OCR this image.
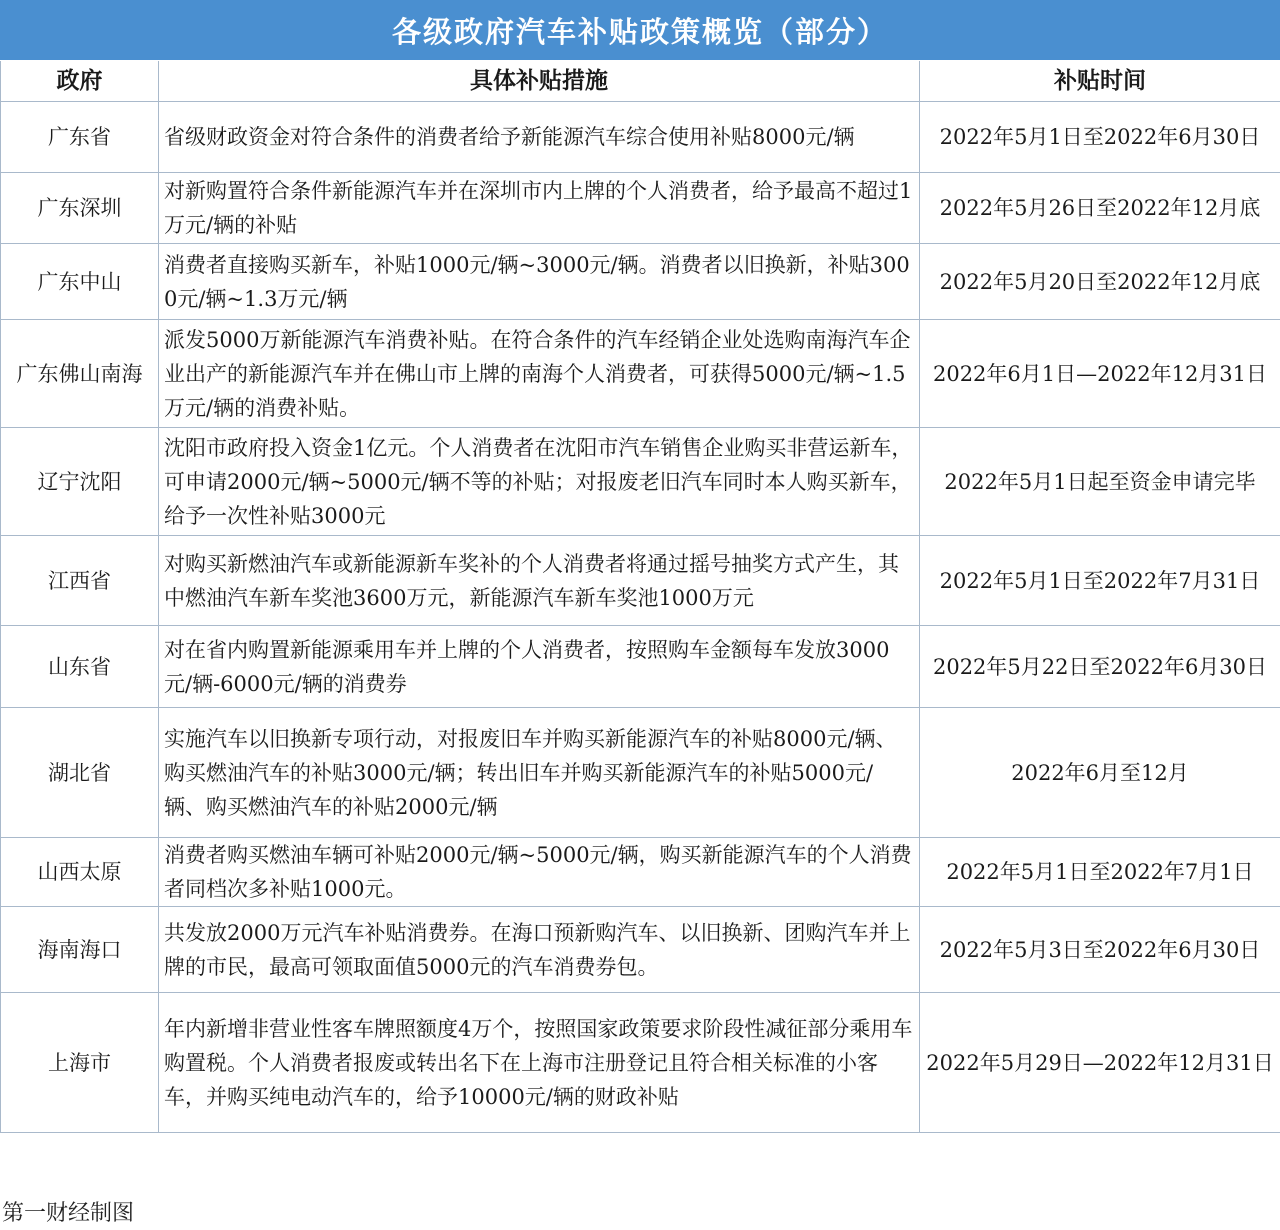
各级政府汽车补贴政策概览（部分）
政府	具体补贴措施	补贴时间
广东省	省级财政资金对符合条件的消费者给予新能源汽车综合使用补贴8000元/辆	2022年5月1日至2022年6月30日
广东深圳	对新购置符合条件新能源汽车并在深圳市内上牌的个人消费者，给予最高不超过1万元/辆的补贴	2022年5月26日至2022年12月底
广东中山	消费者直接购买新车，补贴1000元/辆~3000元/辆。消费者以旧换新，补贴3000元/辆~1.3万元/辆	2022年5月20日至2022年12月底
广东佛山南海	派发5000万新能源汽车消费补贴。在符合条件的汽车经销企业处选购南海汽车企业出产的新能源汽车并在佛山市上牌的南海个人消费者，可获得5000元/辆~1.5万元/辆的消费补贴。	2022年6月1日—2022年12月31日
辽宁沈阳	沈阳市政府投入资金1亿元。个人消费者在沈阳市汽车销售企业购买非营运新车，可申请2000元/辆~5000元/辆不等的补贴；对报废老旧汽车同时本人购买新车，给予一次性补贴3000元	2022年5月1日起至资金申请完毕
江西省	对购买新燃油汽车或新能源新车奖补的个人消费者将通过摇号抽奖方式产生，其中燃油汽车新车奖池3600万元，新能源汽车新车奖池1000万元	2022年5月1日至2022年7月31日
山东省	对在省内购置新能源乘用车并上牌的个人消费者，按照购车金额每车发放3000元/辆-6000元/辆的消费券	2022年5月22日至2022年6月30日
湖北省	实施汽车以旧换新专项行动，对报废旧车并购买新能源汽车的补贴8000元/辆、购买燃油汽车的补贴3000元/辆；转出旧车并购买新能源汽车的补贴5000元/辆、购买燃油汽车的补贴2000元/辆	2022年6月至12月
山西太原	消费者购买燃油车辆可补贴2000元/辆~5000元/辆，购买新能源汽车的个人消费者同档次多补贴1000元。	2022年5月1日至2022年7月1日
海南海口	共发放2000万元汽车补贴消费券。在海口预新购汽车、以旧换新、团购汽车并上牌的市民，最高可领取面值5000元的汽车消费券包。	2022年5月3日至2022年6月30日
上海市	年内新增非营业性客车牌照额度4万个，按照国家政策要求阶段性减征部分乘用车购置税。个人消费者报废或转出名下在上海市注册登记且符合相关标准的小客车，并购买纯电动汽车的，给予10000元/辆的财政补贴	2022年5月29日—2022年12月31日
第一财经制图
